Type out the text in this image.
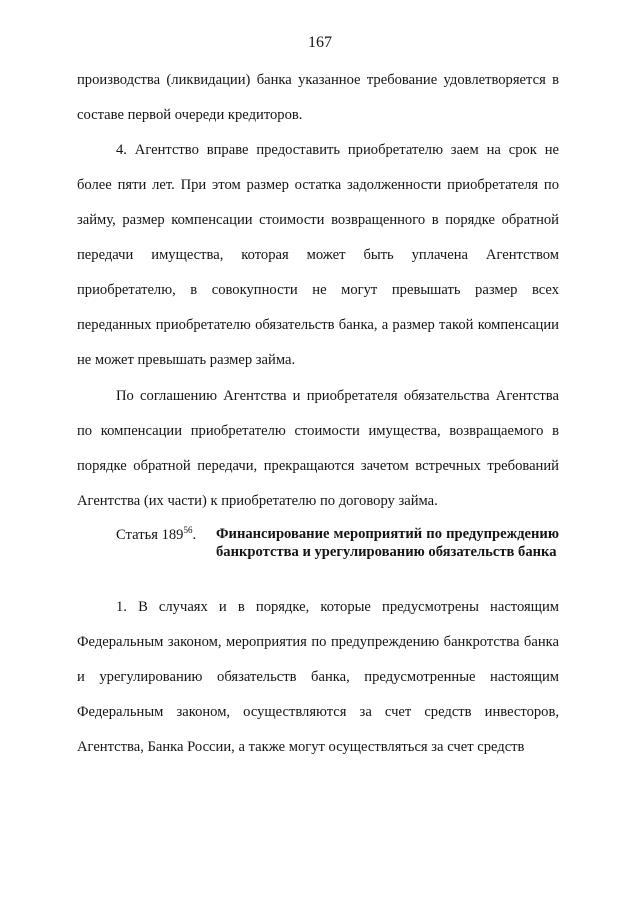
167

производства (ликвидации) банка указанное требование удовлетворяется в составе первой очереди кредиторов.

4. Агентство вправе предоставить приобретателю заем на срок не более пяти лет. При этом размер остатка задолженности приобретателя по займу, размер компенсации стоимости возвращенного в порядке обратной передачи имущества, которая может быть уплачена Агентством приобретателю, в совокупности не могут превышать размер всех переданных приобретателю обязательств банка, а размер такой компенсации не может превышать размер займа.

По соглашению Агентства и приобретателя обязательства Агентства по компенсации приобретателю стоимости имущества, возвращаемого в порядке обратной передачи, прекращаются зачетом встречных требований Агентства (их части) к приобретателю по договору займа.

Статья $189^{56}$. Финансирование мероприятий по предупреждению банкротства и урегулированию обязательств банка

1. В случаях и в порядке, которые предусмотрены настоящим Федеральным законом, мероприятия по предупреждению банкротства банка и урегулированию обязательств банка, предусмотренные настоящим Федеральным законом, осуществляются за счет средств инвесторов, Агентства, Банка России, а также могут осуществляться за счет средств
